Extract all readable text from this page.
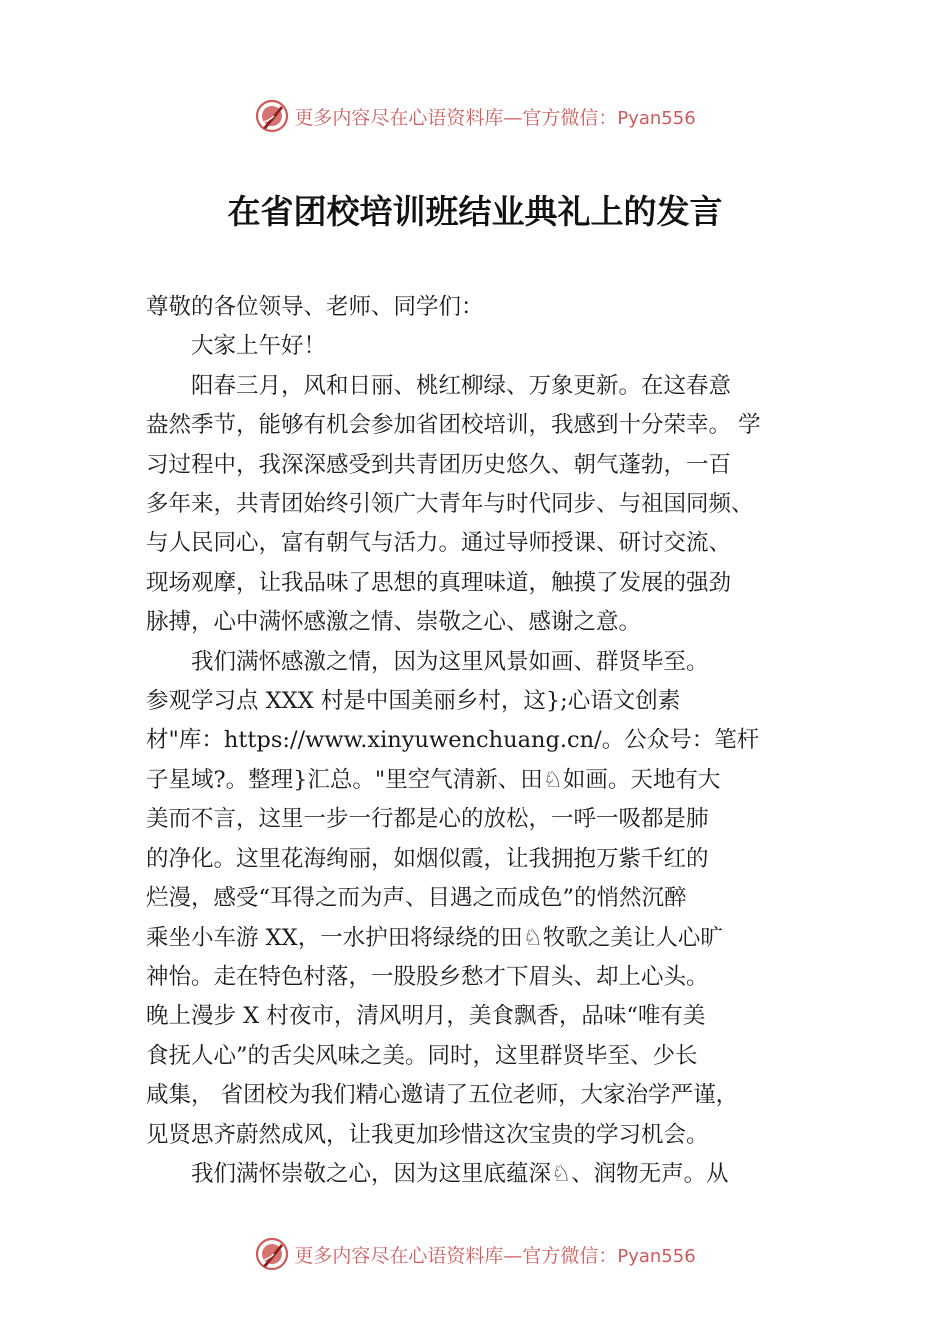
更多内容尽在心语资料库—官方微信：Pyan556
在省团校培训班结业典礼上的发言

尊敬的各位领导、老师、同学们：

大家上午好！

阳春三月，风和日丽、桃红柳绿、万象更新。在这春意

盎然季节，能够有机会参加省团校培训，我感到十分荣幸。 学

习过程中，我深深感受到共青团历史悠久、朝气蓬勃，一百

多年来，共青团始终引领广大青年与时代同步、与祖国同频、

与人民同心，富有朝气与活力。通过导师授课、研讨交流、

现场观摩，让我品味了思想的真理味道，触摸了发展的强劲

脉搏，心中满怀感激之情、崇敬之心、感谢之意。

我们满怀感激之情，因为这里风景如画、群贤毕至。

参观学习点 XXX 村是中国美丽乡村，这};心语文创素

材"库：https://www.xinyuwenchuang.cn/。公众号：笔杆

子星域?。整理}汇总。"里空气清新、田♘如画。天地有大

美而不言，这里一步一行都是心的放松，一呼一吸都是肺

的净化。这里花海绚丽，如烟似霞，让我拥抱万紫千红的

烂漫，感受“耳得之而为声、目遇之而成色”的悄然沉醉

乘坐小车游 XX，一水护田将绿绕的田♘牧歌之美让人心旷

神怡。走在特色村落，一股股乡愁才下眉头、却上心头。

晚上漫步 X 村夜市，清风明月，美食飘香，品味“唯有美

食抚人心”的舌尖风味之美。同时，这里群贤毕至、少长

咸集， 省团校为我们精心邀请了五位老师，大家治学严谨，

见贤思齐蔚然成风，让我更加珍惜这次宝贵的学习机会。

我们满怀崇敬之心，因为这里底蕴深♘、润物无声。从

更多内容尽在心语资料库—官方微信：Pyan556
